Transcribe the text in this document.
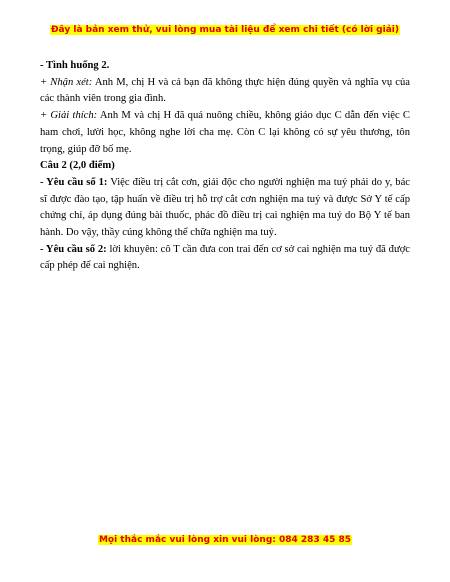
Đây là bản xem thử, vui lòng mua tài liệu để xem chi tiết (có lời giải)

- Tình huống 2.

+ Nhận xét: Anh M, chị H và cả bạn đã không thực hiện đúng quyền và nghĩa vụ của các thành viên trong gia đình.

+ Giải thích: Anh M và chị H đã quá nuông chiều, không giáo dục C dẫn đến việc C ham chơi, lười học, không nghe lời cha mẹ. Còn C lại không có sự yêu thương, tôn trọng, giúp đỡ bố mẹ.

Câu 2 (2,0 điểm)

- Yêu cầu số 1: Việc điều trị cắt cơn, giải độc cho người nghiện ma tuý phải do y, bác sĩ được đào tạo, tập huấn về điều trị hỗ trợ cắt cơn nghiện ma tuý và được Sở Y tế cấp chứng chỉ, áp dụng đúng bài thuốc, phác đồ điều trị cai nghiện ma tuý do Bộ Y tế ban hành. Do vậy, thầy cúng không thể chữa nghiện ma tuý.

- Yêu cầu số 2: lời khuyên: cô T cần đưa con trai đến cơ sở cai nghiện ma tuý đã được cấp phép để cai nghiện.

Mọi thắc mắc vui lòng xin vui lòng: 084 283 45 85
